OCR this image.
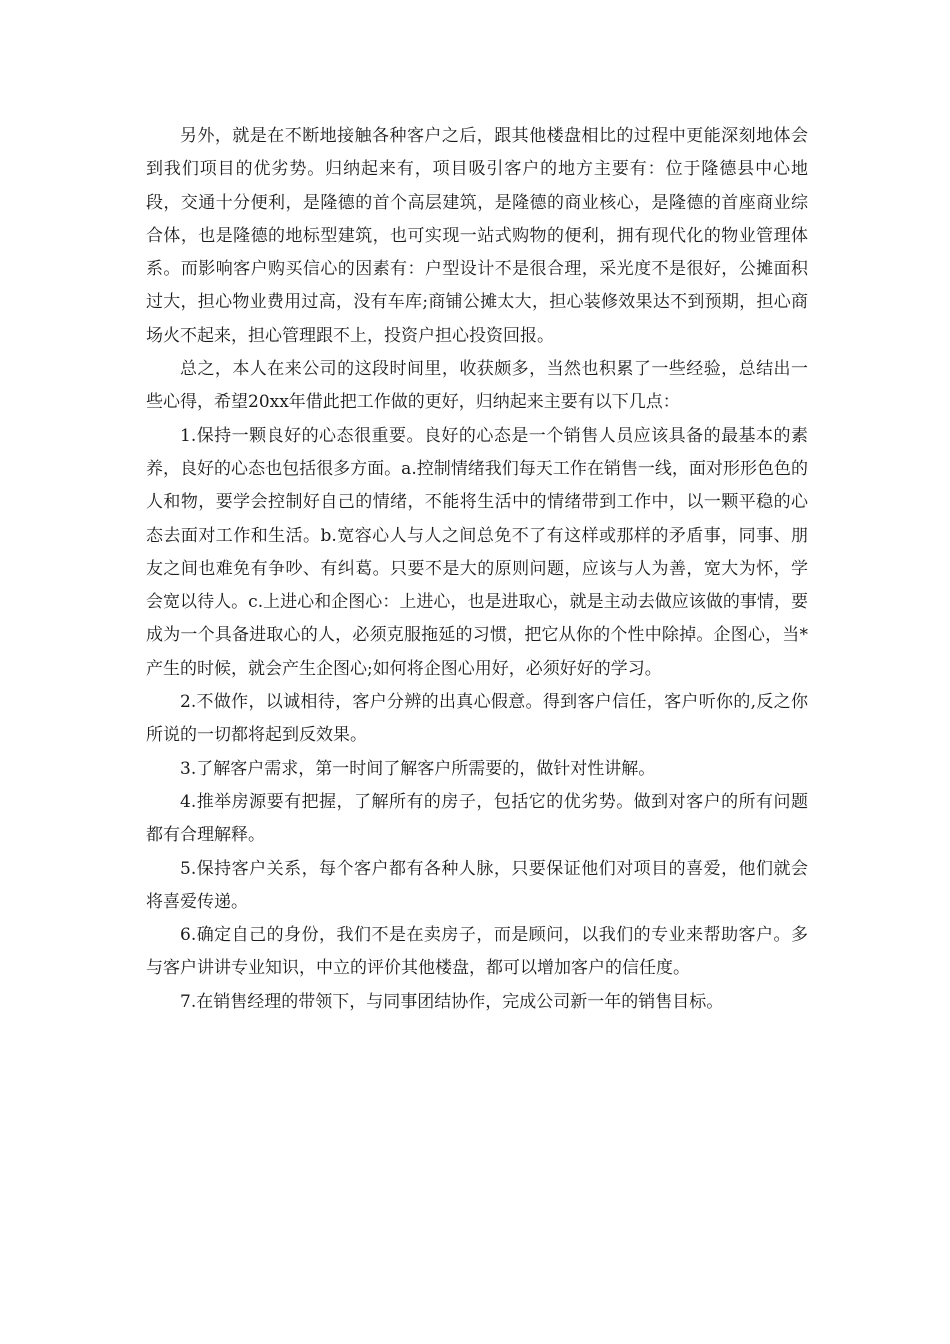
另外，就是在不断地接触各种客户之后，跟其他楼盘相比的过程中更能深刻地体会到我们项目的优劣势。归纳起来有，项目吸引客户的地方主要有：位于隆德县中心地段，交通十分便利，是隆德的首个高层建筑，是隆德的商业核心，是隆德的首座商业综合体，也是隆德的地标型建筑，也可实现一站式购物的便利，拥有现代化的物业管理体系。而影响客户购买信心的因素有：户型设计不是很合理，采光度不是很好，公摊面积过大，担心物业费用过高，没有车库;商铺公摊太大，担心装修效果达不到预期，担心商场火不起来，担心管理跟不上，投资户担心投资回报。

总之，本人在来公司的这段时间里，收获颇多，当然也积累了一些经验，总结出一些心得，希望20xx年借此把工作做的更好，归纳起来主要有以下几点：

1.保持一颗良好的心态很重要。良好的心态是一个销售人员应该具备的最基本的素养，良好的心态也包括很多方面。a.控制情绪我们每天工作在销售一线，面对形形色色的人和物，要学会控制好自己的情绪，不能将生活中的情绪带到工作中，以一颗平稳的心态去面对工作和生活。b.宽容心人与人之间总免不了有这样或那样的矛盾事，同事、朋友之间也难免有争吵、有纠葛。只要不是大的原则问题，应该与人为善，宽大为怀，学会宽以待人。c.上进心和企图心：上进心，也是进取心，就是主动去做应该做的事情，要成为一个具备进取心的人，必须克服拖延的习惯，把它从你的个性中除掉。企图心，当*产生的时候，就会产生企图心;如何将企图心用好，必须好好的学习。

2.不做作，以诚相待，客户分辨的出真心假意。得到客户信任，客户听你的,反之你所说的一切都将起到反效果。

3.了解客户需求，第一时间了解客户所需要的，做针对性讲解。

4.推举房源要有把握，了解所有的房子，包括它的优劣势。做到对客户的所有问题都有合理解释。

5.保持客户关系，每个客户都有各种人脉，只要保证他们对项目的喜爱，他们就会将喜爱传递。

6.确定自己的身份，我们不是在卖房子，而是顾问，以我们的专业来帮助客户。多与客户讲讲专业知识，中立的评价其他楼盘，都可以增加客户的信任度。

7.在销售经理的带领下，与同事团结协作，完成公司新一年的销售目标。
